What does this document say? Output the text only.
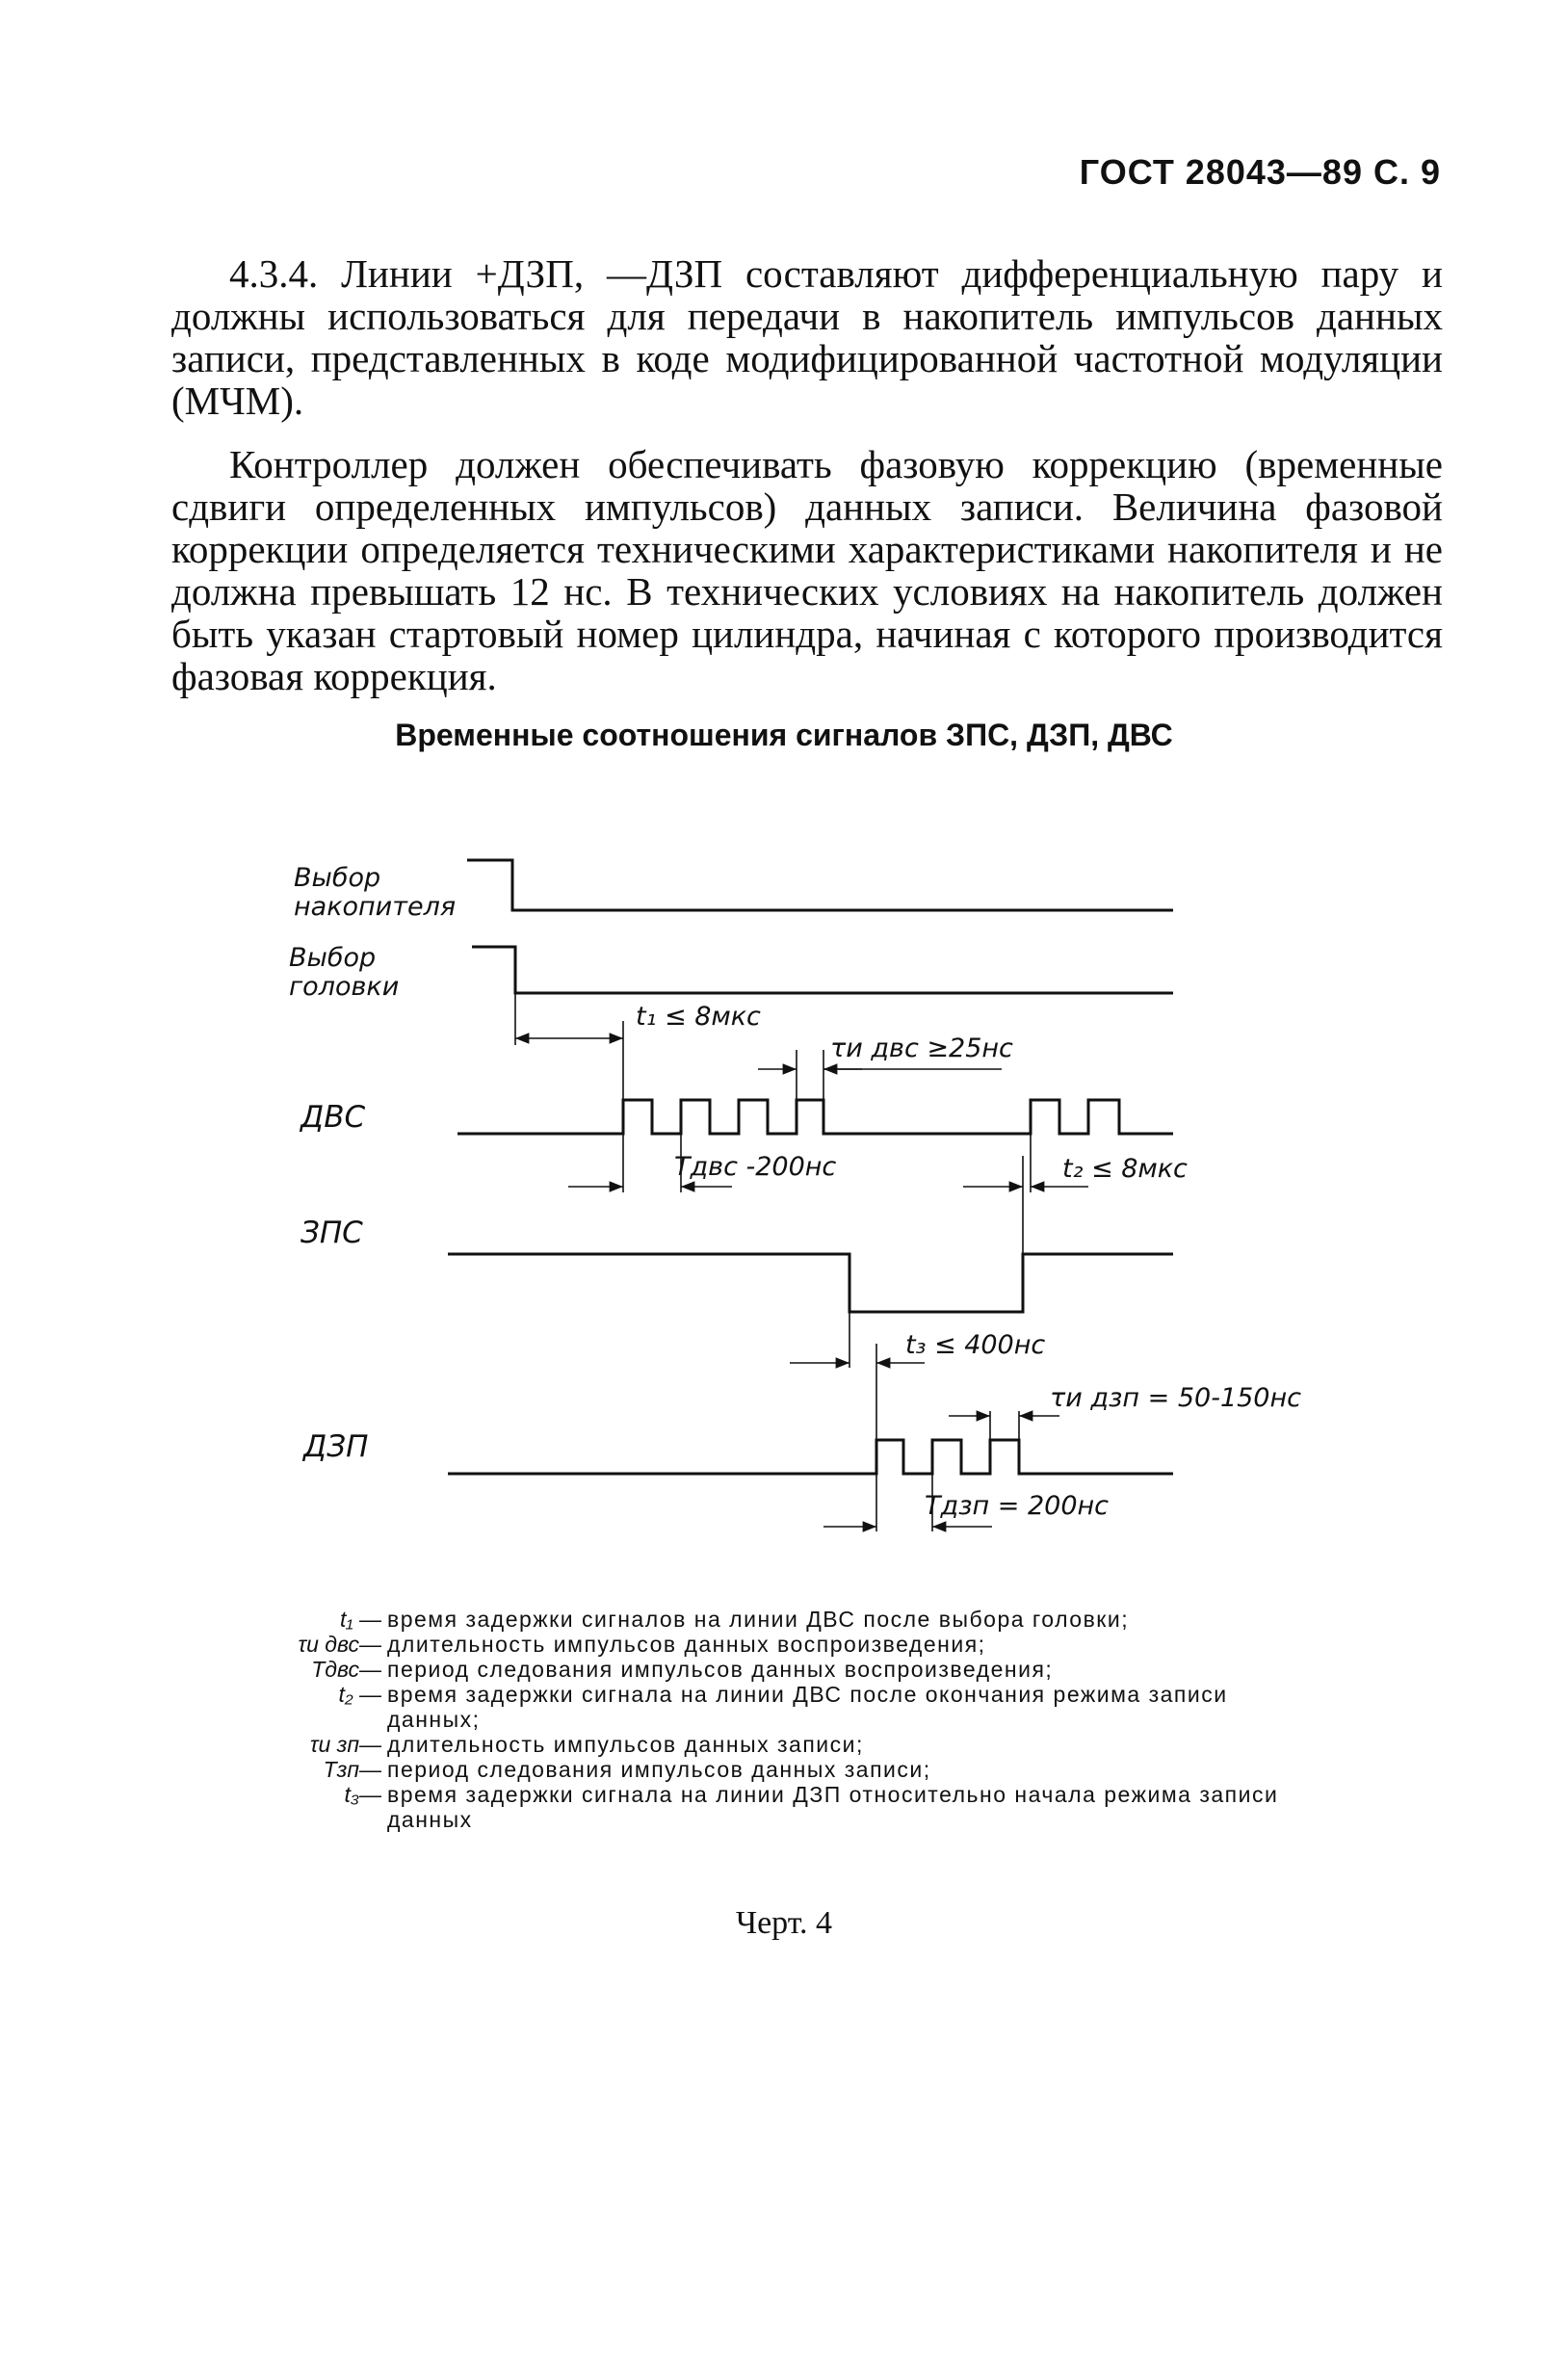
ГОСТ 28043—89 С. 9

4.3.4. Линии +ДЗП, —ДЗП составляют дифференциальную пару и должны использоваться для передачи в накопитель импульсов данных записи, представленных в коде модифицированной частотной модуляции (МЧМ).

Контроллер должен обеспечивать фазовую коррекцию (временные сдвиги определенных импульсов) данных записи. Величина фазовой коррекции определяется техническими характеристиками накопителя и не должна превышать 12 нс. В технических условиях на накопитель должен быть указан стартовый номер цилиндра, начиная с которого производится фазовая коррекция.

Временные соотношения сигналов ЗПС, ДЗП, ДВС
Выбор
накопителя
Выбор
головки
ДВС
ЗПС
ДЗП
t₁ ≤ 8мкс
τи двс ≥25нс
Tдвс -200нс	t₂ ≤ 8мкс
t₃ ≤ 400нс
τи дзп = 50-150нс
Tдзп = 200нс
t₁ — время задержки сигналов на линии ДВС после выбора головки;
τи двс— длительность импульсов данных воспроизведения;
Tдвс— период следования импульсов данных воспроизведения;
t₂ — время задержки сигнала на линии ДВС после окончания режима записи данных;
τи зп— длительность импульсов данных записи;
Tзп— период следования импульсов данных записи;
t₃— время задержки сигнала на линии ДЗП относительно начала режима записи данных
Черт. 4
